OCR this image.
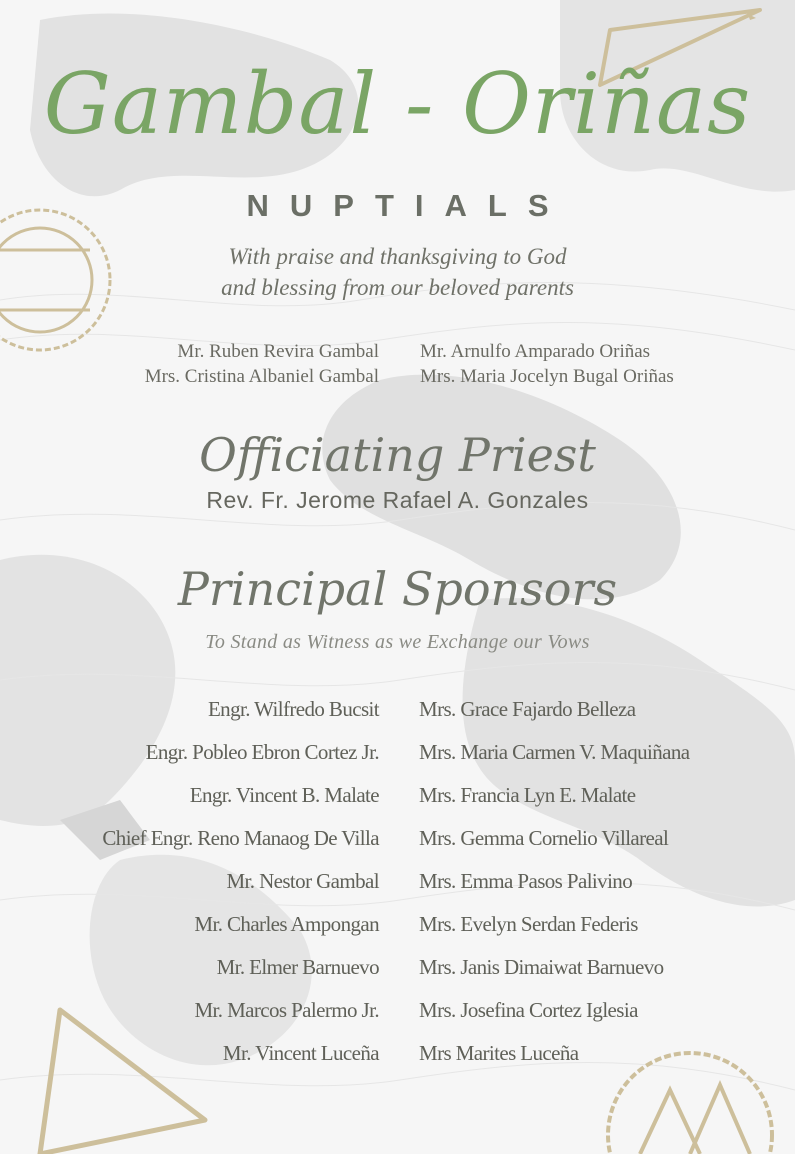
Gambal - Oriñas
NUPTIALS
With praise and thanksgiving to God
and blessing from our beloved parents
Mr. Ruben Revira Gambal
Mrs. Cristina Albaniel Gambal
Mr. Arnulfo Amparado Oriñas
Mrs. Maria Jocelyn Bugal Oriñas
Officiating Priest
Rev. Fr. Jerome Rafael A. Gonzales
Principal Sponsors
To Stand as Witness as we Exchange our Vows
Engr. Wilfredo Bucsit
Engr. Pobleo Ebron Cortez Jr.
Engr. Vincent B. Malate
Chief Engr. Reno Manaog De Villa
Mr. Nestor Gambal
Mr. Charles Ampongan
Mr. Elmer Barnuevo
Mr. Marcos Palermo Jr.
Mr. Vincent Luceña
Mrs. Grace Fajardo Belleza
Mrs. Maria Carmen V. Maquiñana
Mrs. Francia Lyn E. Malate
Mrs. Gemma Cornelio Villareal
Mrs. Emma Pasos Palivino
Mrs. Evelyn Serdan Federis
Mrs. Janis Dimaiwat Barnuevo
Mrs. Josefina Cortez Iglesia
Mrs Marites Luceña
